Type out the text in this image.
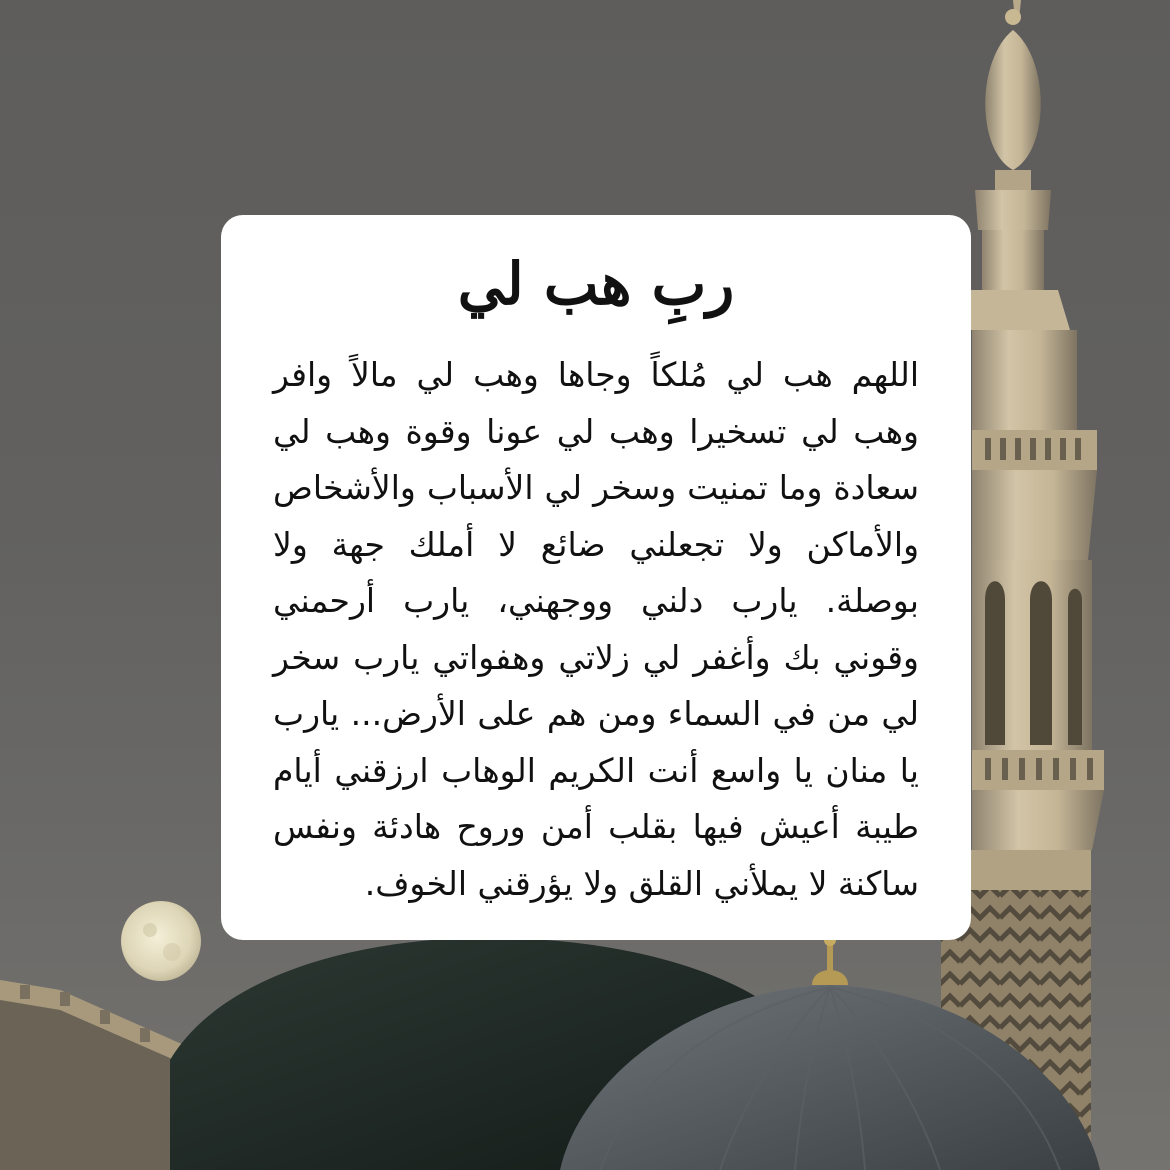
ربِ هب لي

اللهم هب لي مُلكاً وجاها وهب لي مالاً وافر وهب لي تسخيرا وهب لي عونا وقوة وهب لي سعادة وما تمنيت وسخر لي الأسباب والأشخاص والأماكن ولا تجعلني ضائع لا أملك جهة ولا بوصلة. يارب دلني ووجهني، يارب أرحمني وقوني بك وأغفر لي زلاتي وهفواتي يارب سخر لي من في السماء ومن هم على الأرض... يارب يا منان يا واسع أنت الكريم الوهاب ارزقني أيام طيبة أعيش فيها بقلب أمن وروح هادئة ونفس ساكنة لا يملأني القلق ولا يؤرقني الخوف.
